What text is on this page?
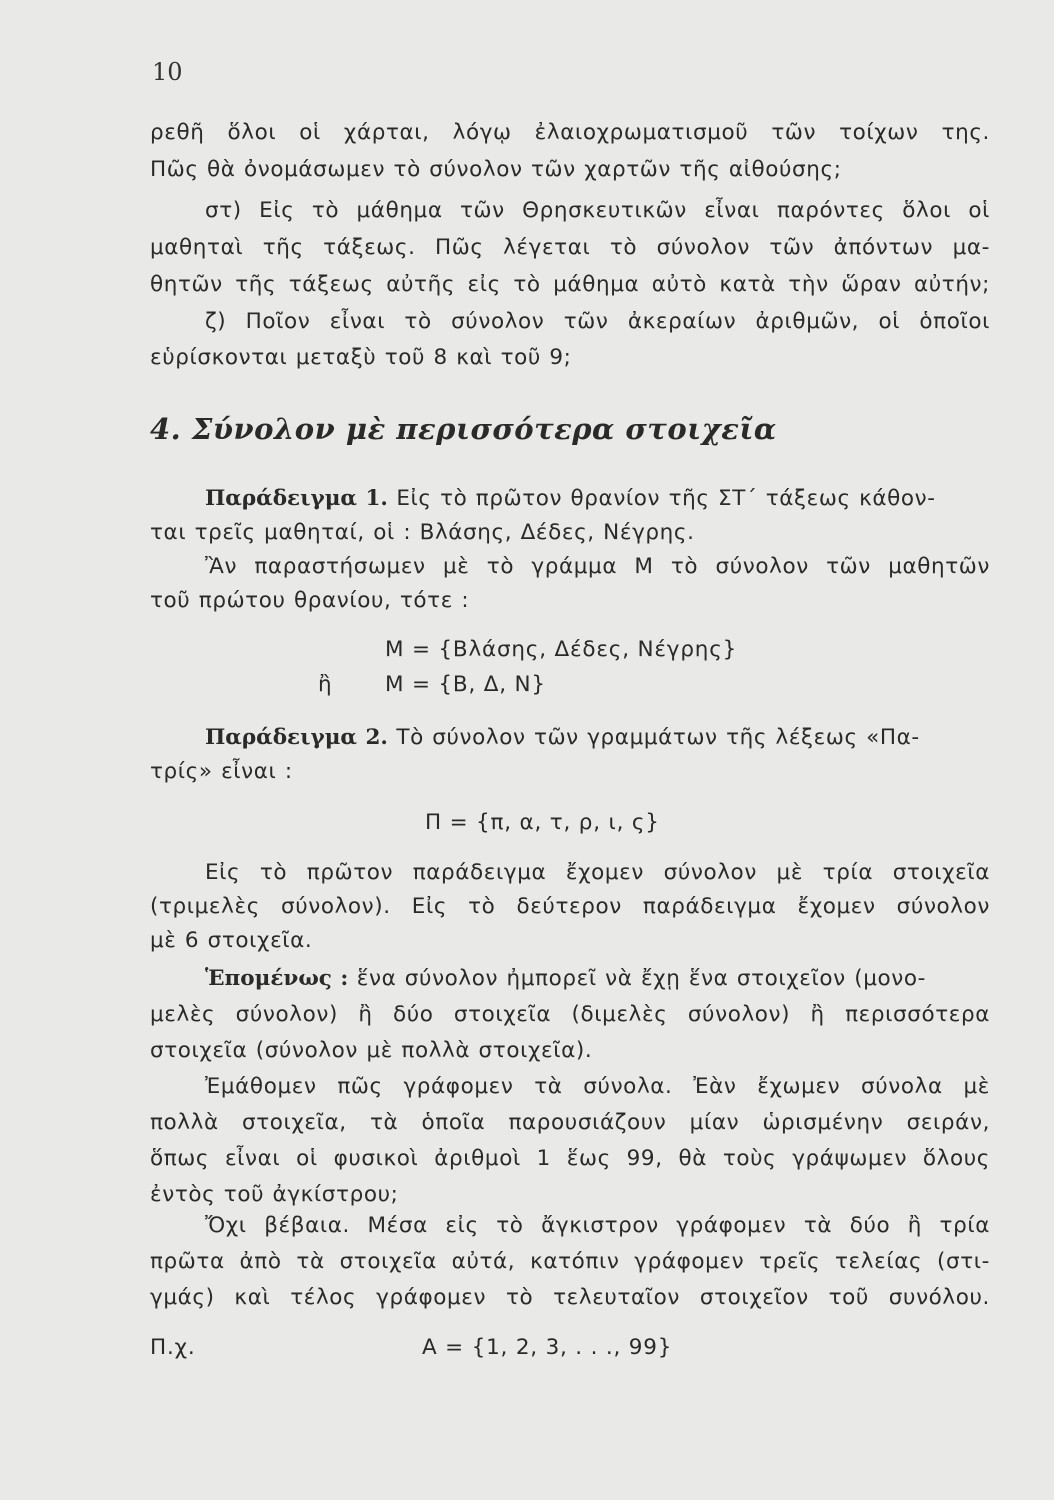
10
ρεθῆ ὅλοι οἱ χάρται, λόγῳ ἐλαιοχρωματισμοῦ τῶν τοίχων της.
Πῶς θὰ ὀνομάσωμεν τὸ σύνολον τῶν χαρτῶν τῆς αἰθούσης;
στ) Εἰς τὸ μάθημα τῶν Θρησκευτικῶν εἶναι παρόντες ὅλοι οἱ
μαθηταὶ τῆς τάξεως. Πῶς λέγεται τὸ σύνολον τῶν ἀπόντων μα-
θητῶν τῆς τάξεως αὐτῆς εἰς τὸ μάθημα αὐτὸ κατὰ τὴν ὥραν αὐτήν;
ζ) Ποῖον εἶναι τὸ σύνολον τῶν ἀκεραίων ἀριθμῶν, οἱ ὁποῖοι
εὑρίσκονται μεταξὺ τοῦ 8 καὶ τοῦ 9;
4. Σύνολον μὲ περισσότερα στοιχεῖα
Παράδειγμα 1. Εἰς τὸ πρῶτον θρανίον τῆς ΣΤ΄ τάξεως κάθον-
ται τρεῖς μαθηταί, οἱ : Βλάσης, Δέδες, Νέγρης.
Ἂν παραστήσωμεν μὲ τὸ γράμμα Μ τὸ σύνολον τῶν μαθητῶν
τοῦ πρώτου θρανίου, τότε :
Μ = {Βλάσης, Δέδες, Νέγρης}
ἢ Μ = {Β, Δ, Ν}
Παράδειγμα 2. Τὸ σύνολον τῶν γραμμάτων τῆς λέξεως «Πα-
τρίς» εἶναι :
Π = {π, α, τ, ρ, ι, ς}
Εἰς τὸ πρῶτον παράδειγμα ἔχομεν σύνολον μὲ τρία στοιχεῖα
(τριμελὲς σύνολον). Εἰς τὸ δεύτερον παράδειγμα ἔχομεν σύνολον
μὲ 6 στοιχεῖα.
Ἑπομένως : ἕνα σύνολον ἠμπορεῖ νὰ ἔχῃ ἕνα στοιχεῖον (μονο-
μελὲς σύνολον) ἢ δύο στοιχεῖα (διμελὲς σύνολον) ἢ περισσότερα
στοιχεῖα (σύνολον μὲ πολλὰ στοιχεῖα).
Ἐμάθομεν πῶς γράφομεν τὰ σύνολα. Ἐὰν ἔχωμεν σύνολα μὲ
πολλὰ στοιχεῖα, τὰ ὁποῖα παρουσιάζουν μίαν ὡρισμένην σειράν,
ὅπως εἶναι οἱ φυσικοὶ ἀριθμοὶ 1 ἕως 99, θὰ τοὺς γράψωμεν ὅλους
ἐντὸς τοῦ ἀγκίστρου;
Ὄχι βέβαια. Μέσα εἰς τὸ ἄγκιστρον γράφομεν τὰ δύο ἢ τρία
πρῶτα ἀπὸ τὰ στοιχεῖα αὐτά, κατόπιν γράφομεν τρεῖς τελείας (στι-
γμάς) καὶ τέλος γράφομεν τὸ τελευταῖον στοιχεῖον τοῦ συνόλου.
Π.χ.	Α = {1, 2, 3, . . ., 99}
